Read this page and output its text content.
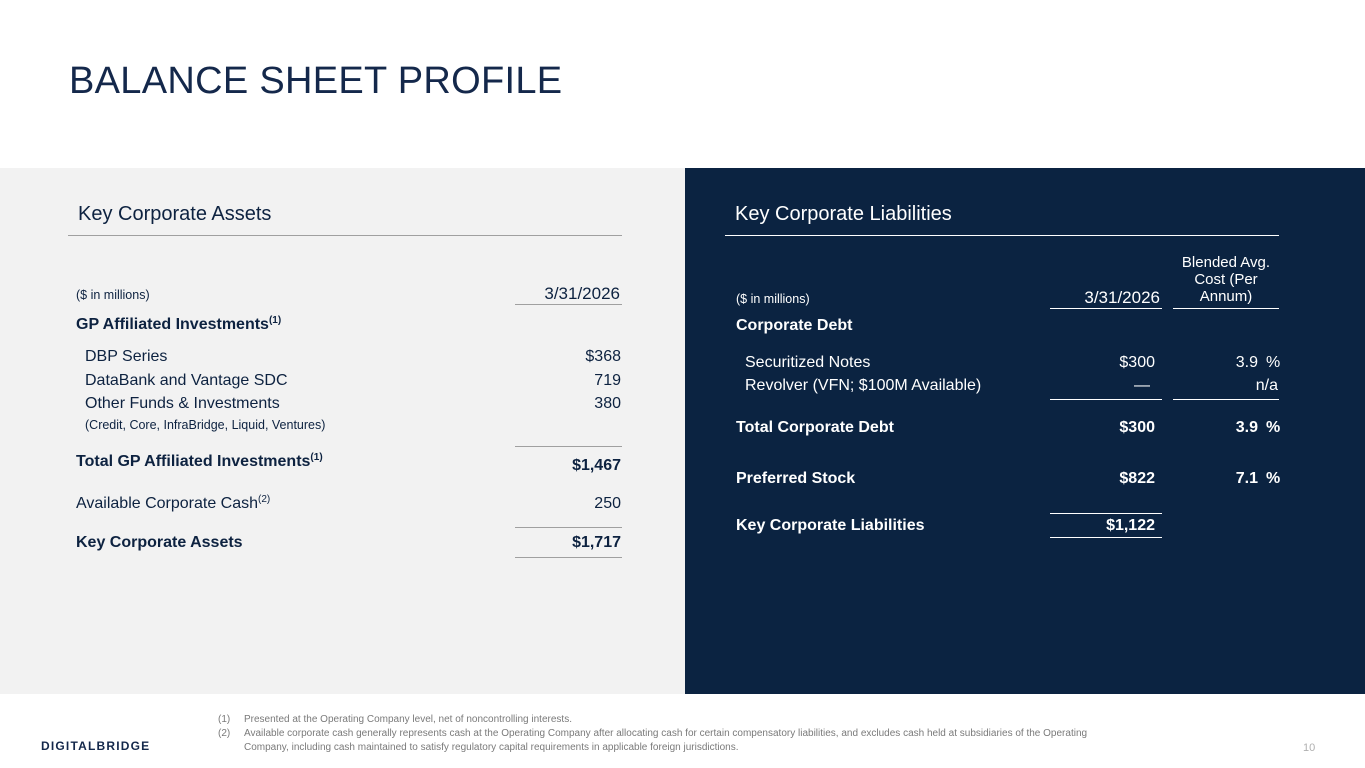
BALANCE SHEET PROFILE
Key Corporate Assets
($ in millions)	3/31/2026
GP Affiliated Investments$^{(1)}$
DBP Series	$368
DataBank and Vantage SDC	719
Other Funds & Investments	380
(Credit, Core, InfraBridge, Liquid, Ventures)
Total GP Affiliated Investments$^{(1)}$	$1,467
Available Corporate Cash$^{(2)}$	250
Key Corporate Assets	$1,717
Key Corporate Liabilities
Blended Avg.
Cost (Per
Annum)
($ in millions)	3/31/2026
Corporate Debt
Securitized Notes	$300	3.9 %
Revolver (VFN; $100M Available)	—	n/a
Total Corporate Debt	$300	3.9 %
Preferred Stock	$822	7.1 %
Key Corporate Liabilities	$1,122
DIGITALBRIDGE
(1) Presented at the Operating Company level, net of noncontrolling interests.
(2) Available corporate cash generally represents cash at the Operating Company after allocating cash for certain compensatory liabilities, and excludes cash held at subsidiaries of the Operating
Company, including cash maintained to satisfy regulatory capital requirements in applicable foreign jurisdictions.	10
